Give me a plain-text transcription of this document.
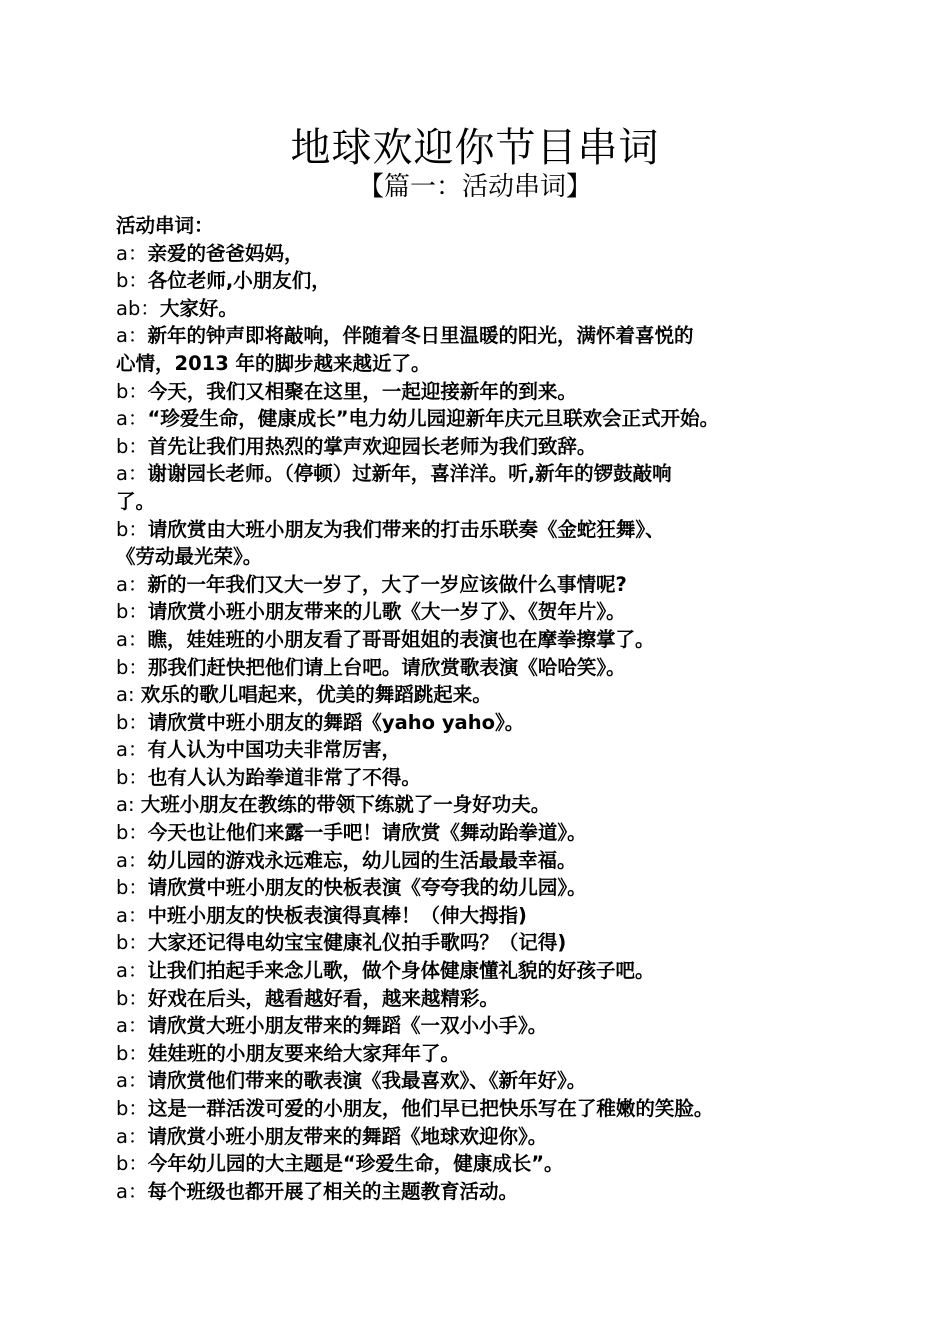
地球欢迎你节目串词
【篇一：活动串词】
活动串词：
a：亲爱的爸爸妈妈，
b：各位老师,小朋友们，
ab：大家好。
a：新年的钟声即将敲响，伴随着冬日里温暖的阳光，满怀着喜悦的
心情，2013 年的脚步越来越近了。
b：今天，我们又相聚在这里，一起迎接新年的到来。
a：“珍爱生命，健康成长”电力幼儿园迎新年庆元旦联欢会正式开始。
b：首先让我们用热烈的掌声欢迎园长老师为我们致辞。
a：谢谢园长老师。（停顿）过新年，喜洋洋。听,新年的锣鼓敲响
了。
b：请欣赏由大班小朋友为我们带来的打击乐联奏《金蛇狂舞》、
《劳动最光荣》。
a：新的一年我们又大一岁了，大了一岁应该做什么事情呢?
b：请欣赏小班小朋友带来的儿歌《大一岁了》、《贺年片》。
a：瞧，娃娃班的小朋友看了哥哥姐姐的表演也在摩拳擦掌了。
b：那我们赶快把他们请上台吧。请欣赏歌表演《哈哈笑》。
a: 欢乐的歌儿唱起来，优美的舞蹈跳起来。
b：请欣赏中班小朋友的舞蹈《yaho yaho》。
a：有人认为中国功夫非常厉害，
b：也有人认为跆拳道非常了不得。
a: 大班小朋友在教练的带领下练就了一身好功夫。
b：今天也让他们来露一手吧！请欣赏《舞动跆拳道》。
a：幼儿园的游戏永远难忘，幼儿园的生活最最幸福。
b：请欣赏中班小朋友的快板表演《夸夸我的幼儿园》。
a：中班小朋友的快板表演得真棒！（伸大拇指)
b：大家还记得电幼宝宝健康礼仪拍手歌吗？（记得)
a：让我们拍起手来念儿歌，做个身体健康懂礼貌的好孩子吧。
b：好戏在后头，越看越好看，越来越精彩。
a：请欣赏大班小朋友带来的舞蹈《一双小小手》。
b：娃娃班的小朋友要来给大家拜年了。
a：请欣赏他们带来的歌表演《我最喜欢》、《新年好》。
b：这是一群活泼可爱的小朋友，他们早已把快乐写在了稚嫩的笑脸。
a：请欣赏小班小朋友带来的舞蹈《地球欢迎你》。
b：今年幼儿园的大主题是“珍爱生命，健康成长”。
a：每个班级也都开展了相关的主题教育活动。
